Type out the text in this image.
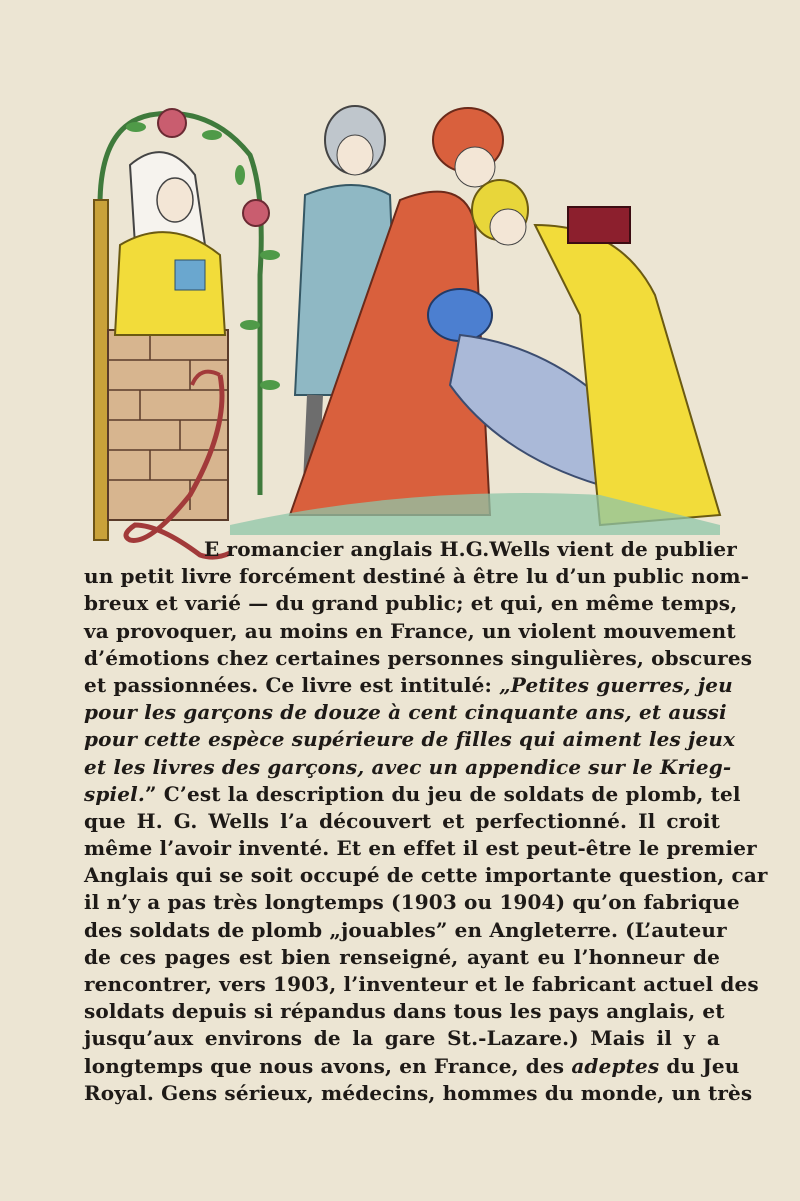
E romancier anglais H.G.Wells vient de publier
un petit livre forcément destiné à être lu d’un public nom-
breux et varié — du grand public; et qui, en même temps,
va provoquer, au moins en France, un violent mouvement
d’émotions chez certaines personnes singulières, obscures
et passionnées. Ce livre est intitulé: „Petites guerres, jeu
pour les garçons de douze à cent cinquante ans, et aussi
pour cette espèce supérieure de filles qui aiment les jeux
et les livres des garçons, avec un appendice sur le Krieg-
spiel.” C’est la description du jeu de soldats de plomb, tel
que H. G. Wells l’a découvert et perfectionné. Il croit
même l’avoir inventé. Et en effet il est peut-être le premier
Anglais qui se soit occupé de cette importante question, car
il n’y a pas très longtemps (1903 ou 1904) qu’on fabrique
des soldats de plomb „jouables” en Angleterre. (L’auteur
de ces pages est bien renseigné, ayant eu l’honneur de
rencontrer, vers 1903, l’inventeur et le fabricant actuel des
soldats depuis si répandus dans tous les pays anglais, et
jusqu’aux environs de la gare St.-Lazare.) Mais il y a
longtemps que nous avons, en France, des adeptes du Jeu
Royal. Gens sérieux, médecins, hommes du monde, un très
